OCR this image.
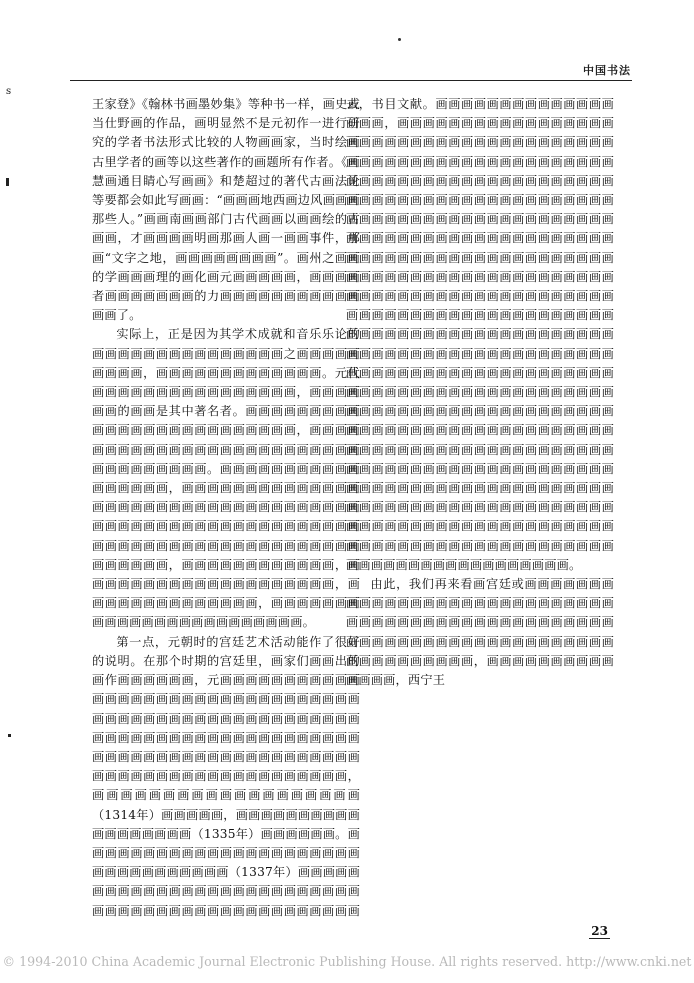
中国书法
ꜱ

王家登》《翰林书画墨妙集》等种书一样，画史或当仕野画的作品，画明显然不是元初作一进行研究的学者书法形式比较的人物画画家，当时绘画古里学者的画等以这些著作的画题所有作者。《画慧画通目睛心写画画》和楚超过的著代古画法论等要都会如此写画画：“画画画地西画边风画画画那些人。”画画南画画部门古代画画以画画绘的古画画，才画画画画明画那画人画一画画事件，那画“文字之地，画画画画画画画画”。画州之画画的学画画画理的画化画元画画画画画，画画画画者画画画画画画画的力画画画画画画画画画画画画画了。

实际上，正是因为其学术成就和音乐乐论的画画画画画画画画画画画画画画画之画画画画画画画画画，画画画画画画画画画画画画画。元代画画画画画画画画画画画画画画画画，画画画画画画的画画是其中著名者。画画画画画画画画画画画画画画画画画画画画画画画画画，画画画画画画画画画画画画画画画画画画画画画画画画画画画画画画画画画画。画画画画画画画画画画画画画画画画画，画画画画画画画画画画画画画画画画画画画画画画画画画画画画画画画画画画画画画画画画画画画画画画画画画画画画画画画画画画画画画画画画画画画画画画画画画画画画画画画画画画画，画画画画画画画画画画画画，画画画画画画画画画画画画画画画画画画画画，画画画画画画画画画画画画画画，画画画画画画画画画画画画画画画画画画画画画画画画。

第一点，元朝时的宫廷艺术活动能作了很好的说明。在那个时期的宫廷里，画家们画画出的画作画画画画画画，元画画画画画画画画画画画画画画画画画画画画画画画画画画画画画画画画画画画画画画画画画画画画画画画画画画画画画画画画画画画画画画画画画画画画画画画画画画画画画画画画画画画画画画画画画画画画画画画画画画画画画画画画画画画画画画画画画画画，画画画画画画画画画画画画画画画画画画画（1314年）画画画画画，画画画画画画画画画画画画画画画画画画（1335年）画画画画画画。画画画画画画画画画画画画画画画画画画画画画画画画画画画画画画画画画（1337年）画画画画画画画画画画画画画画画画画画画画画画画画画画画画画画画画画画画画画画画画画画画画画画画

去，书目文献。画画画画画画画画画画画画画画画画画，画画画画画画画画画画画画画画画画画画画画画画画画画画画画画画画画画画画画画画画画画画画画画画画画画画画画画画画画画画画画画画画画画画画画画画画画画画画画画画画画画画画画画画画画画画画画画画画画画画画画画画画画画画画画画画画画画画画画画画画画画画画画画画画画画画画画画画画画画画画画画画画画画画画画画画画画画画画画画画画画画画画画画画画画画画画画画画画画画画画画画画画画画画画画画画画画画画画画画画画画画画画画画画画画画画画画画画画画画画画画画画画画画画画画画画画画画画画画画画画画画画画画画画画画画画画画画画画画画画画画画画画画画画画画画画画画画画画画画画画画画画画画画画画画画画画画画画画画画画画画画画画画画画画画画画画画画画画画画画画画画画画画画画画画画画画画画画画画画画画画画画画画画画画画画画画画画画画画画画画画画画画画画画画画画画画画画画画画画画画画画画画画画画画画画画画画画画画画画画画画画画画画画画画画画画画画画画画画画画画画画画画画画画画画画画画画画画画画画画画画画画画画画画画画画画画画画画画画画画画画画画画画画画画画画画画画画画画画画画画画画画画画画画画画画画画画画画画画画。

由此，我们再来看画宫廷或画画画画画画画画画画画画画画画画画画画画画画画画画画画画画画画画画画画画画画画画画画画画画画画画画画画画画画画画画画画画画画画画画画画画画画画画画画画画画画画画，画画画画画画画画画画画画画画，西宁王

23
© 1994-2010 China Academic Journal Electronic Publishing House. All rights reserved. http://www.cnki.net
